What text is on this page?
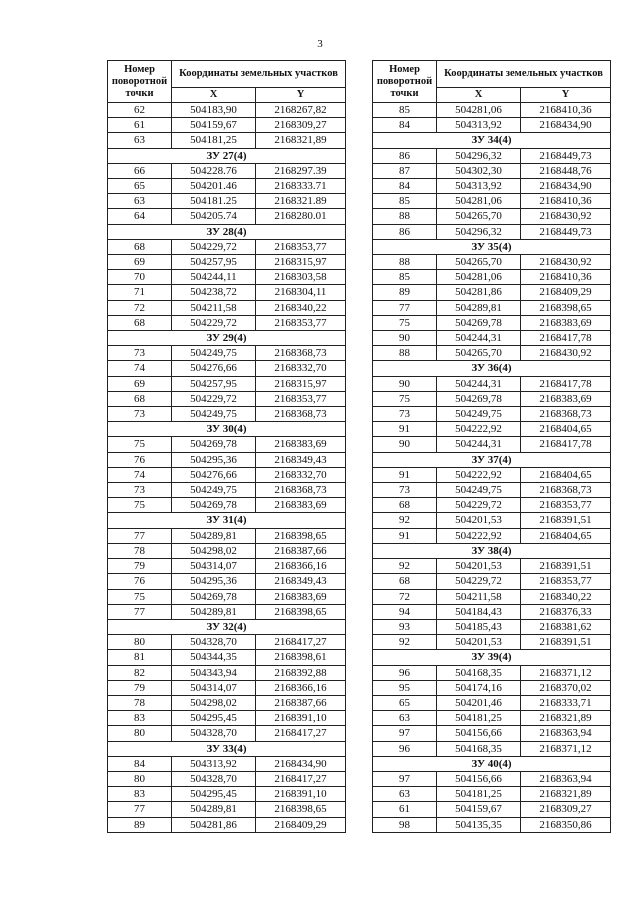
3
Номер поворотной точки	Координаты земельных участков	
	X	Y
62	504183,90	2168267,82
61	504159,67	2168309,27
63	504181,25	2168321,89
ЗУ 27(4)		
66	504228.76	2168297.39
65	504201.46	2168333.71
63	504181.25	2168321.89
64	504205.74	2168280.01
ЗУ 28(4)		
68	504229,72	2168353,77
69	504257,95	2168315,97
70	504244,11	2168303,58
71	504238,72	2168304,11
72	504211,58	2168340,22
68	504229,72	2168353,77
ЗУ 29(4)		
73	504249,75	2168368,73
74	504276,66	2168332,70
69	504257,95	2168315,97
68	504229,72	2168353,77
73	504249,75	2168368,73
ЗУ 30(4)		
75	504269,78	2168383,69
76	504295,36	2168349,43
74	504276,66	2168332,70
73	504249,75	2168368,73
75	504269,78	2168383,69
ЗУ 31(4)		
77	504289,81	2168398,65
78	504298,02	2168387,66
79	504314,07	2168366,16
76	504295,36	2168349,43
75	504269,78	2168383,69
77	504289,81	2168398,65
ЗУ 32(4)		
80	504328,70	2168417,27
81	504344,35	2168398,61
82	504343,94	2168392,88
79	504314,07	2168366,16
78	504298,02	2168387,66
83	504295,45	2168391,10
80	504328,70	2168417,27
ЗУ 33(4)		
84	504313,92	2168434,90
80	504328,70	2168417,27
83	504295,45	2168391,10
77	504289,81	2168398,65
89	504281,86	2168409,29
Номер поворотной точки	Координаты земельных участков	
	X	Y
85	504281,06	2168410,36
84	504313,92	2168434,90
ЗУ 34(4)		
86	504296,32	2168449,73
87	504302,30	2168448,76
84	504313,92	2168434,90
85	504281,06	2168410,36
88	504265,70	2168430,92
86	504296,32	2168449,73
ЗУ 35(4)		
88	504265,70	2168430,92
85	504281,06	2168410,36
89	504281,86	2168409,29
77	504289,81	2168398,65
75	504269,78	2168383,69
90	504244,31	2168417,78
88	504265,70	2168430,92
ЗУ 36(4)		
90	504244,31	2168417,78
75	504269,78	2168383,69
73	504249,75	2168368,73
91	504222,92	2168404,65
90	504244,31	2168417,78
ЗУ 37(4)		
91	504222,92	2168404,65
73	504249,75	2168368,73
68	504229,72	2168353,77
92	504201,53	2168391,51
91	504222,92	2168404,65
ЗУ 38(4)		
92	504201,53	2168391,51
68	504229,72	2168353,77
72	504211,58	2168340,22
94	504184,43	2168376,33
93	504185,43	2168381,62
92	504201,53	2168391,51
ЗУ 39(4)		
96	504168,35	2168371,12
95	504174,16	2168370,02
65	504201,46	2168333,71
63	504181,25	2168321,89
97	504156,66	2168363,94
96	504168,35	2168371,12
ЗУ 40(4)		
97	504156,66	2168363,94
63	504181,25	2168321,89
61	504159,67	2168309,27
98	504135,35	2168350,86
